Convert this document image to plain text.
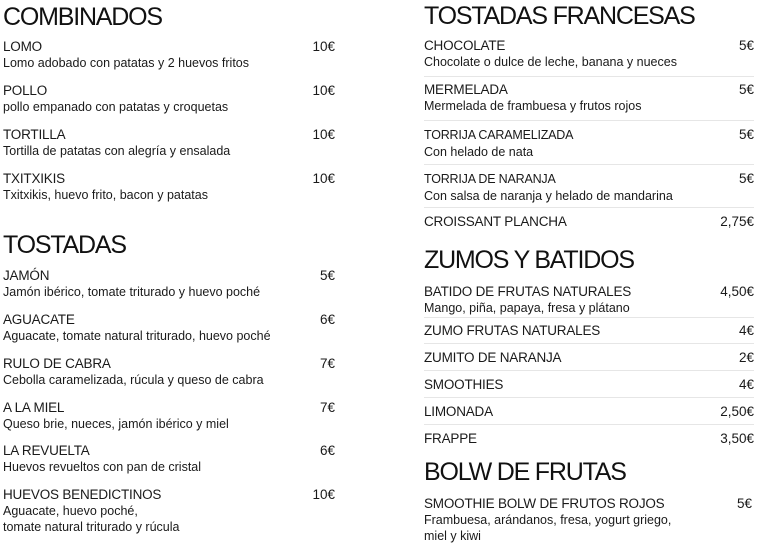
COMBINADOS
LOMO	10€
Lomo adobado con patatas y 2 huevos fritos
POLLO	10€
pollo empanado con patatas y croquetas
TORTILLA	10€
Tortilla de patatas con alegría y ensalada
TXITXIKIS	10€
Txitxikis, huevo frito, bacon y patatas
TOSTADAS
JAMÓN	5€
Jamón ibérico, tomate triturado y huevo poché
AGUACATE	6€
Aguacate, tomate natural triturado, huevo poché
RULO DE CABRA	7€
Cebolla caramelizada, rúcula y queso de cabra
A LA MIEL	7€
Queso brie, nueces, jamón ibérico y miel
LA REVUELTA	6€
Huevos revueltos con pan de cristal
HUEVOS BENEDICTINOS	10€
Aguacate, huevo poché,
tomate natural triturado y rúcula
TOSTADAS FRANCESAS
CHOCOLATE	5€
Chocolate o dulce de leche, banana y nueces
MERMELADA	5€
Mermelada de frambuesa y frutos rojos
TORRIJA CARAMELIZADA	5€
Con helado de nata
TORRIJA DE NARANJA	5€
Con salsa de naranja y helado de mandarina
CROISSANT PLANCHA	2,75€
ZUMOS Y BATIDOS
BATIDO DE FRUTAS NATURALES	4,50€
Mango, piña, papaya, fresa y plátano
ZUMO FRUTAS NATURALES	4€
ZUMITO DE NARANJA	2€
SMOOTHIES	4€
LIMONADA	2,50€
FRAPPE	3,50€
BOLW DE FRUTAS
SMOOTHIE BOLW DE FRUTOS ROJOS	5€
Frambuesa, arándanos, fresa, yogurt griego,
miel y kiwi
